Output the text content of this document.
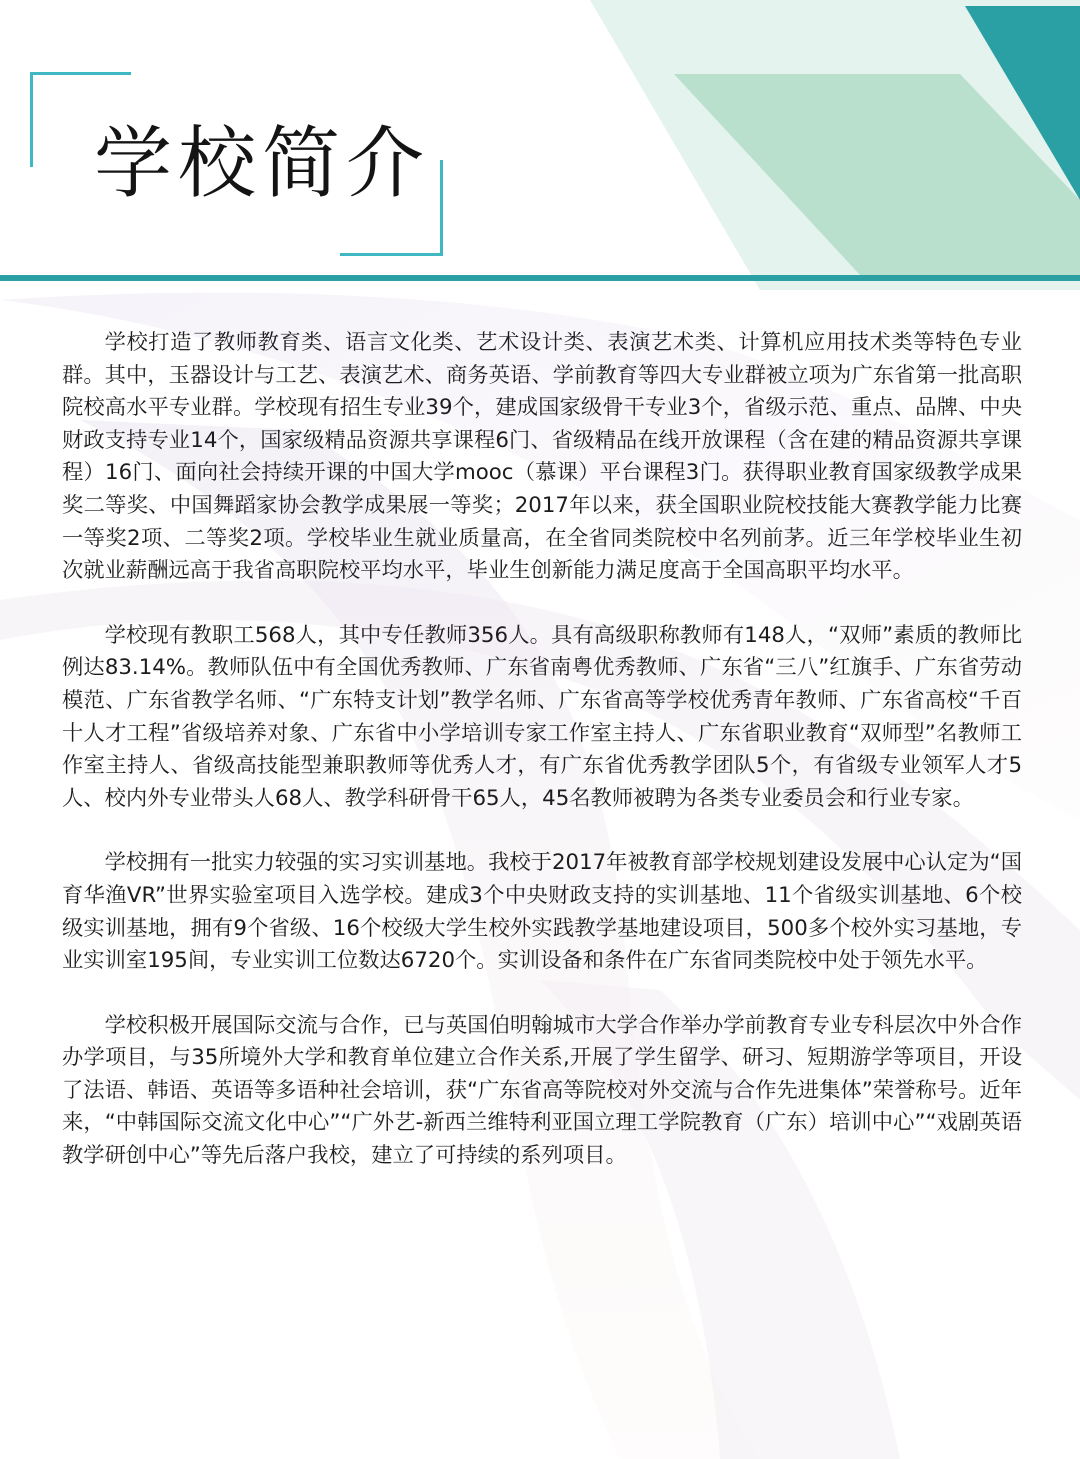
学校简介

学校打造了教师教育类、语言文化类、艺术设计类、表演艺术类、计算机应用技术类等特色专业群。其中，玉器设计与工艺、表演艺术、商务英语、学前教育等四大专业群被立项为广东省第一批高职院校高水平专业群。学校现有招生专业39个，建成国家级骨干专业3个，省级示范、重点、品牌、中央财政支持专业14个，国家级精品资源共享课程6门、省级精品在线开放课程（含在建的精品资源共享课程）16门、面向社会持续开课的中国大学mooc（慕课）平台课程3门。获得职业教育国家级教学成果奖二等奖、中国舞蹈家协会教学成果展一等奖；2017年以来，获全国职业院校技能大赛教学能力比赛一等奖2项、二等奖2项。学校毕业生就业质量高，在全省同类院校中名列前茅。近三年学校毕业生初次就业薪酬远高于我省高职院校平均水平，毕业生创新能力满足度高于全国高职平均水平。

学校现有教职工568人，其中专任教师356人。具有高级职称教师有148人，“双师”素质的教师比例达83.14%。教师队伍中有全国优秀教师、广东省南粤优秀教师、广东省“三八”红旗手、广东省劳动模范、广东省教学名师、“广东特支计划”教学名师、广东省高等学校优秀青年教师、广东省高校“千百十人才工程”省级培养对象、广东省中小学培训专家工作室主持人、广东省职业教育“双师型”名教师工作室主持人、省级高技能型兼职教师等优秀人才，有广东省优秀教学团队5个，有省级专业领军人才5人、校内外专业带头人68人、教学科研骨干65人，45名教师被聘为各类专业委员会和行业专家。

学校拥有一批实力较强的实习实训基地。我校于2017年被教育部学校规划建设发展中心认定为“国育华渔VR”世界实验室项目入选学校。建成3个中央财政支持的实训基地、11个省级实训基地、6个校级实训基地，拥有9个省级、16个校级大学生校外实践教学基地建设项目，500多个校外实习基地，专业实训室195间，专业实训工位数达6720个。实训设备和条件在广东省同类院校中处于领先水平。

学校积极开展国际交流与合作，已与英国伯明翰城市大学合作举办学前教育专业专科层次中外合作办学项目，与35所境外大学和教育单位建立合作关系,开展了学生留学、研习、短期游学等项目，开设了法语、韩语、英语等多语种社会培训，获“广东省高等院校对外交流与合作先进集体”荣誉称号。近年来，“中韩国际交流文化中心”“广外艺-新西兰维特利亚国立理工学院教育（广东）培训中心”“戏剧英语教学研创中心”等先后落户我校，建立了可持续的系列项目。
